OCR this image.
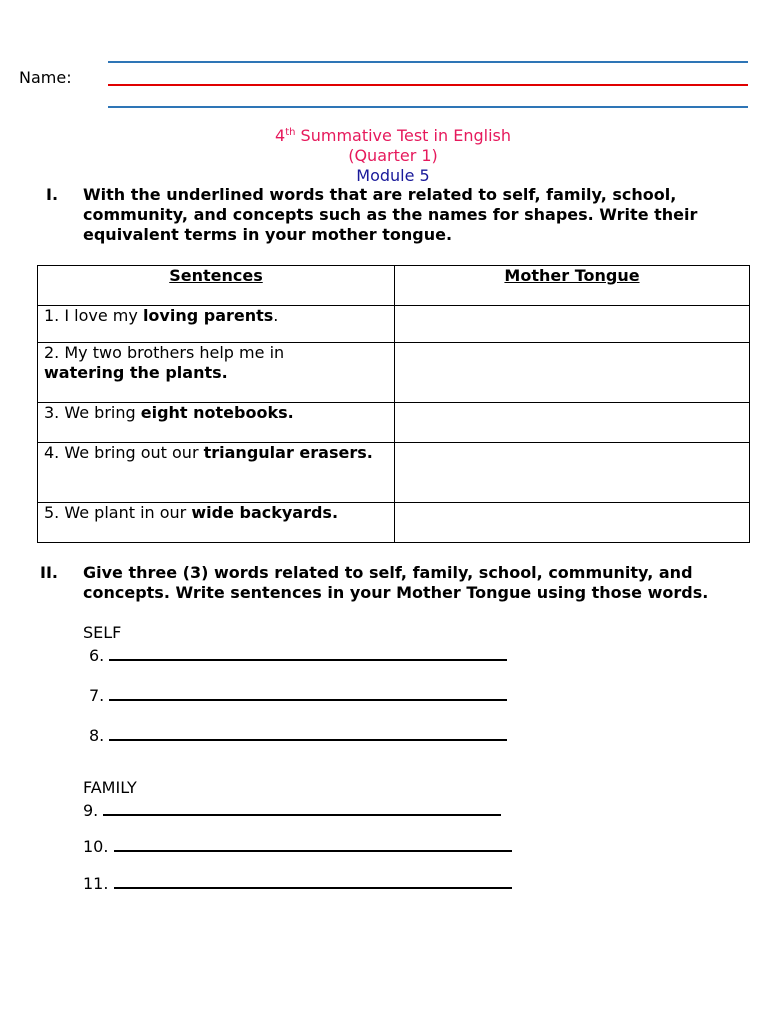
Name:
4th Summative Test in English
(Quarter 1)
Module 5
I. With the underlined words that are related to self, family, school, community, and concepts such as the names for shapes. Write their equivalent terms in your mother tongue.
Sentences	Mother Tongue
1. I love my loving parents.	
2. My two brothers help me in
watering the plants.	
3. We bring eight notebooks.	
4. We bring out our triangular erasers.	
5. We plant in our wide backyards.	
II. Give three (3) words related to self, family, school, community, and concepts. Write sentences in your Mother Tongue using those words.
SELF
6.
7.
8.
FAMILY
9.
10.
11.
